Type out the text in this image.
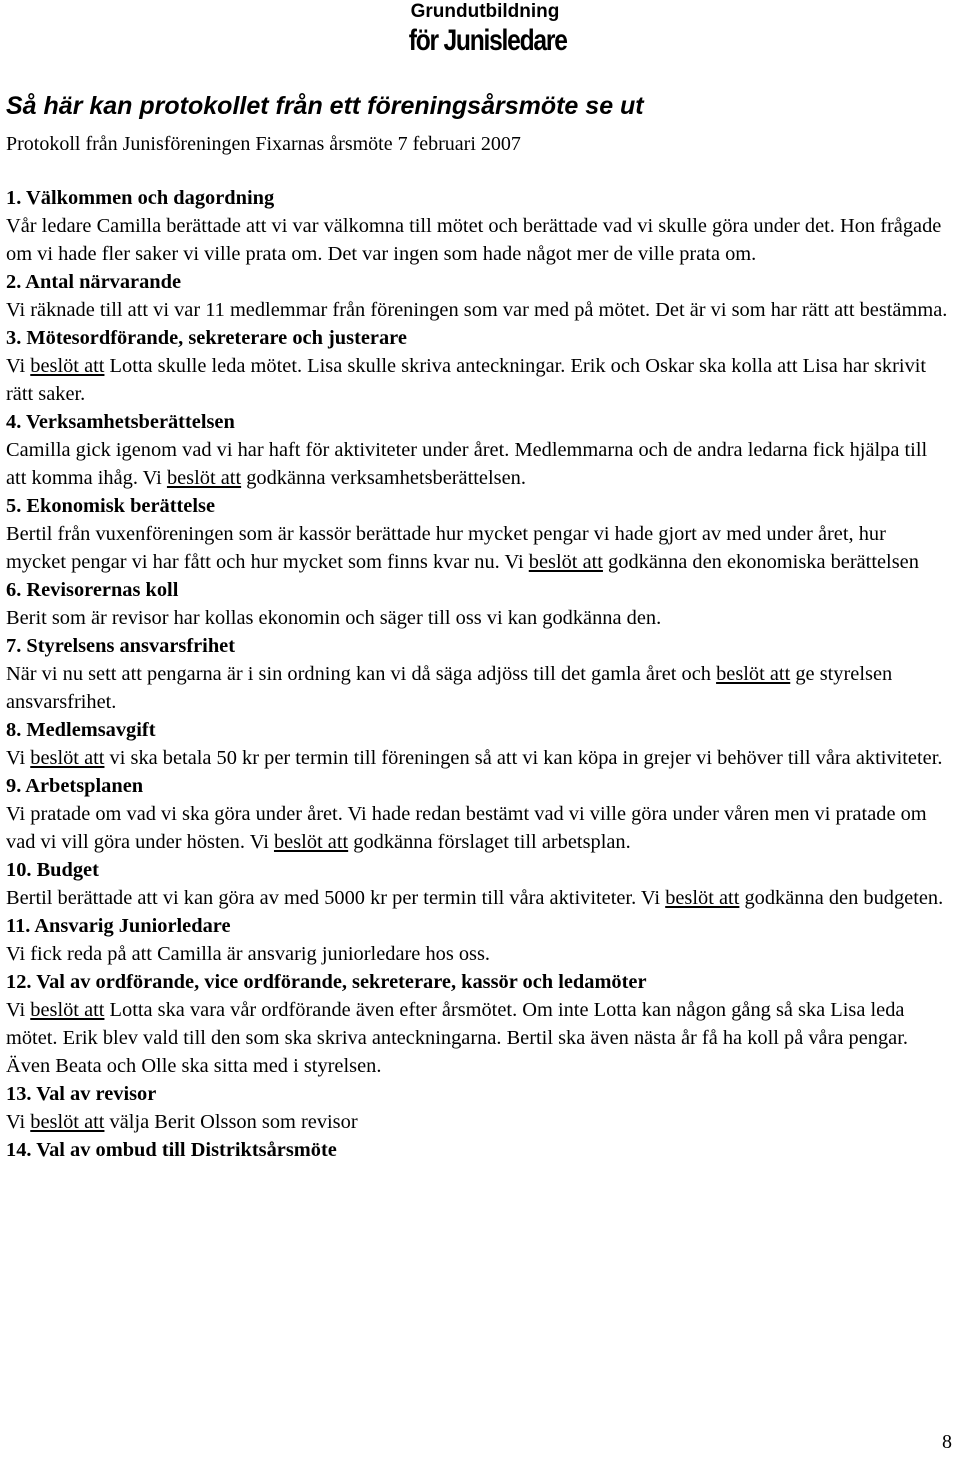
Grundutbildning
för Junisledare
Så här kan protokollet från ett föreningsårsmöte se ut

Protokoll från Junisföreningen Fixarnas årsmöte 7 februari 2007

1. Välkommen och dagordning

Vår ledare Camilla berättade att vi var välkomna till mötet och berättade vad vi skulle göra under det. Hon frågade om vi hade fler saker vi ville prata om. Det var ingen som hade något mer de ville prata om.

2. Antal närvarande

Vi räknade till att vi var 11 medlemmar från föreningen som var med på mötet. Det är vi som har rätt att bestämma.

3. Mötesordförande, sekreterare och justerare

Vi beslöt att Lotta skulle leda mötet. Lisa skulle skriva anteckningar. Erik och Oskar ska kolla att Lisa har skrivit rätt saker.

4. Verksamhetsberättelsen

Camilla gick igenom vad vi har haft för aktiviteter under året. Medlemmarna och de andra ledarna fick hjälpa till att komma ihåg. Vi beslöt att godkänna verksamhetsberättelsen.

5. Ekonomisk berättelse

Bertil från vuxenföreningen som är kassör berättade hur mycket pengar vi hade gjort av med under året, hur mycket pengar vi har fått och hur mycket som finns kvar nu. Vi beslöt att godkänna den ekonomiska berättelsen

6. Revisorernas koll

Berit som är revisor har kollas ekonomin och säger till oss vi kan godkänna den.

7. Styrelsens ansvarsfrihet

När vi nu sett att pengarna är i sin ordning kan vi då säga adjöss till det gamla året och beslöt att ge styrelsen ansvarsfrihet.

8. Medlemsavgift

Vi beslöt att vi ska betala 50 kr per termin till föreningen så att vi kan köpa in grejer vi behöver till våra aktiviteter.

9. Arbetsplanen

Vi pratade om vad vi ska göra under året. Vi hade redan bestämt vad vi ville göra under våren men vi pratade om vad vi vill göra under hösten. Vi beslöt att godkänna förslaget till arbetsplan.

10. Budget

Bertil berättade att vi kan göra av med 5000 kr per termin till våra aktiviteter. Vi beslöt att godkänna den budgeten.

11. Ansvarig Juniorledare

Vi fick reda på att Camilla är ansvarig juniorledare hos oss.

12. Val av ordförande, vice ordförande, sekreterare, kassör och ledamöter

Vi beslöt att Lotta ska vara vår ordförande även efter årsmötet. Om inte Lotta kan någon gång så ska Lisa leda mötet. Erik blev vald till den som ska skriva anteckningarna. Bertil ska även nästa år få ha koll på våra pengar. Även Beata och Olle ska sitta med i styrelsen.

13. Val av revisor

Vi beslöt att välja Berit Olsson som revisor

14. Val av ombud till Distriktsårsmöte

8
